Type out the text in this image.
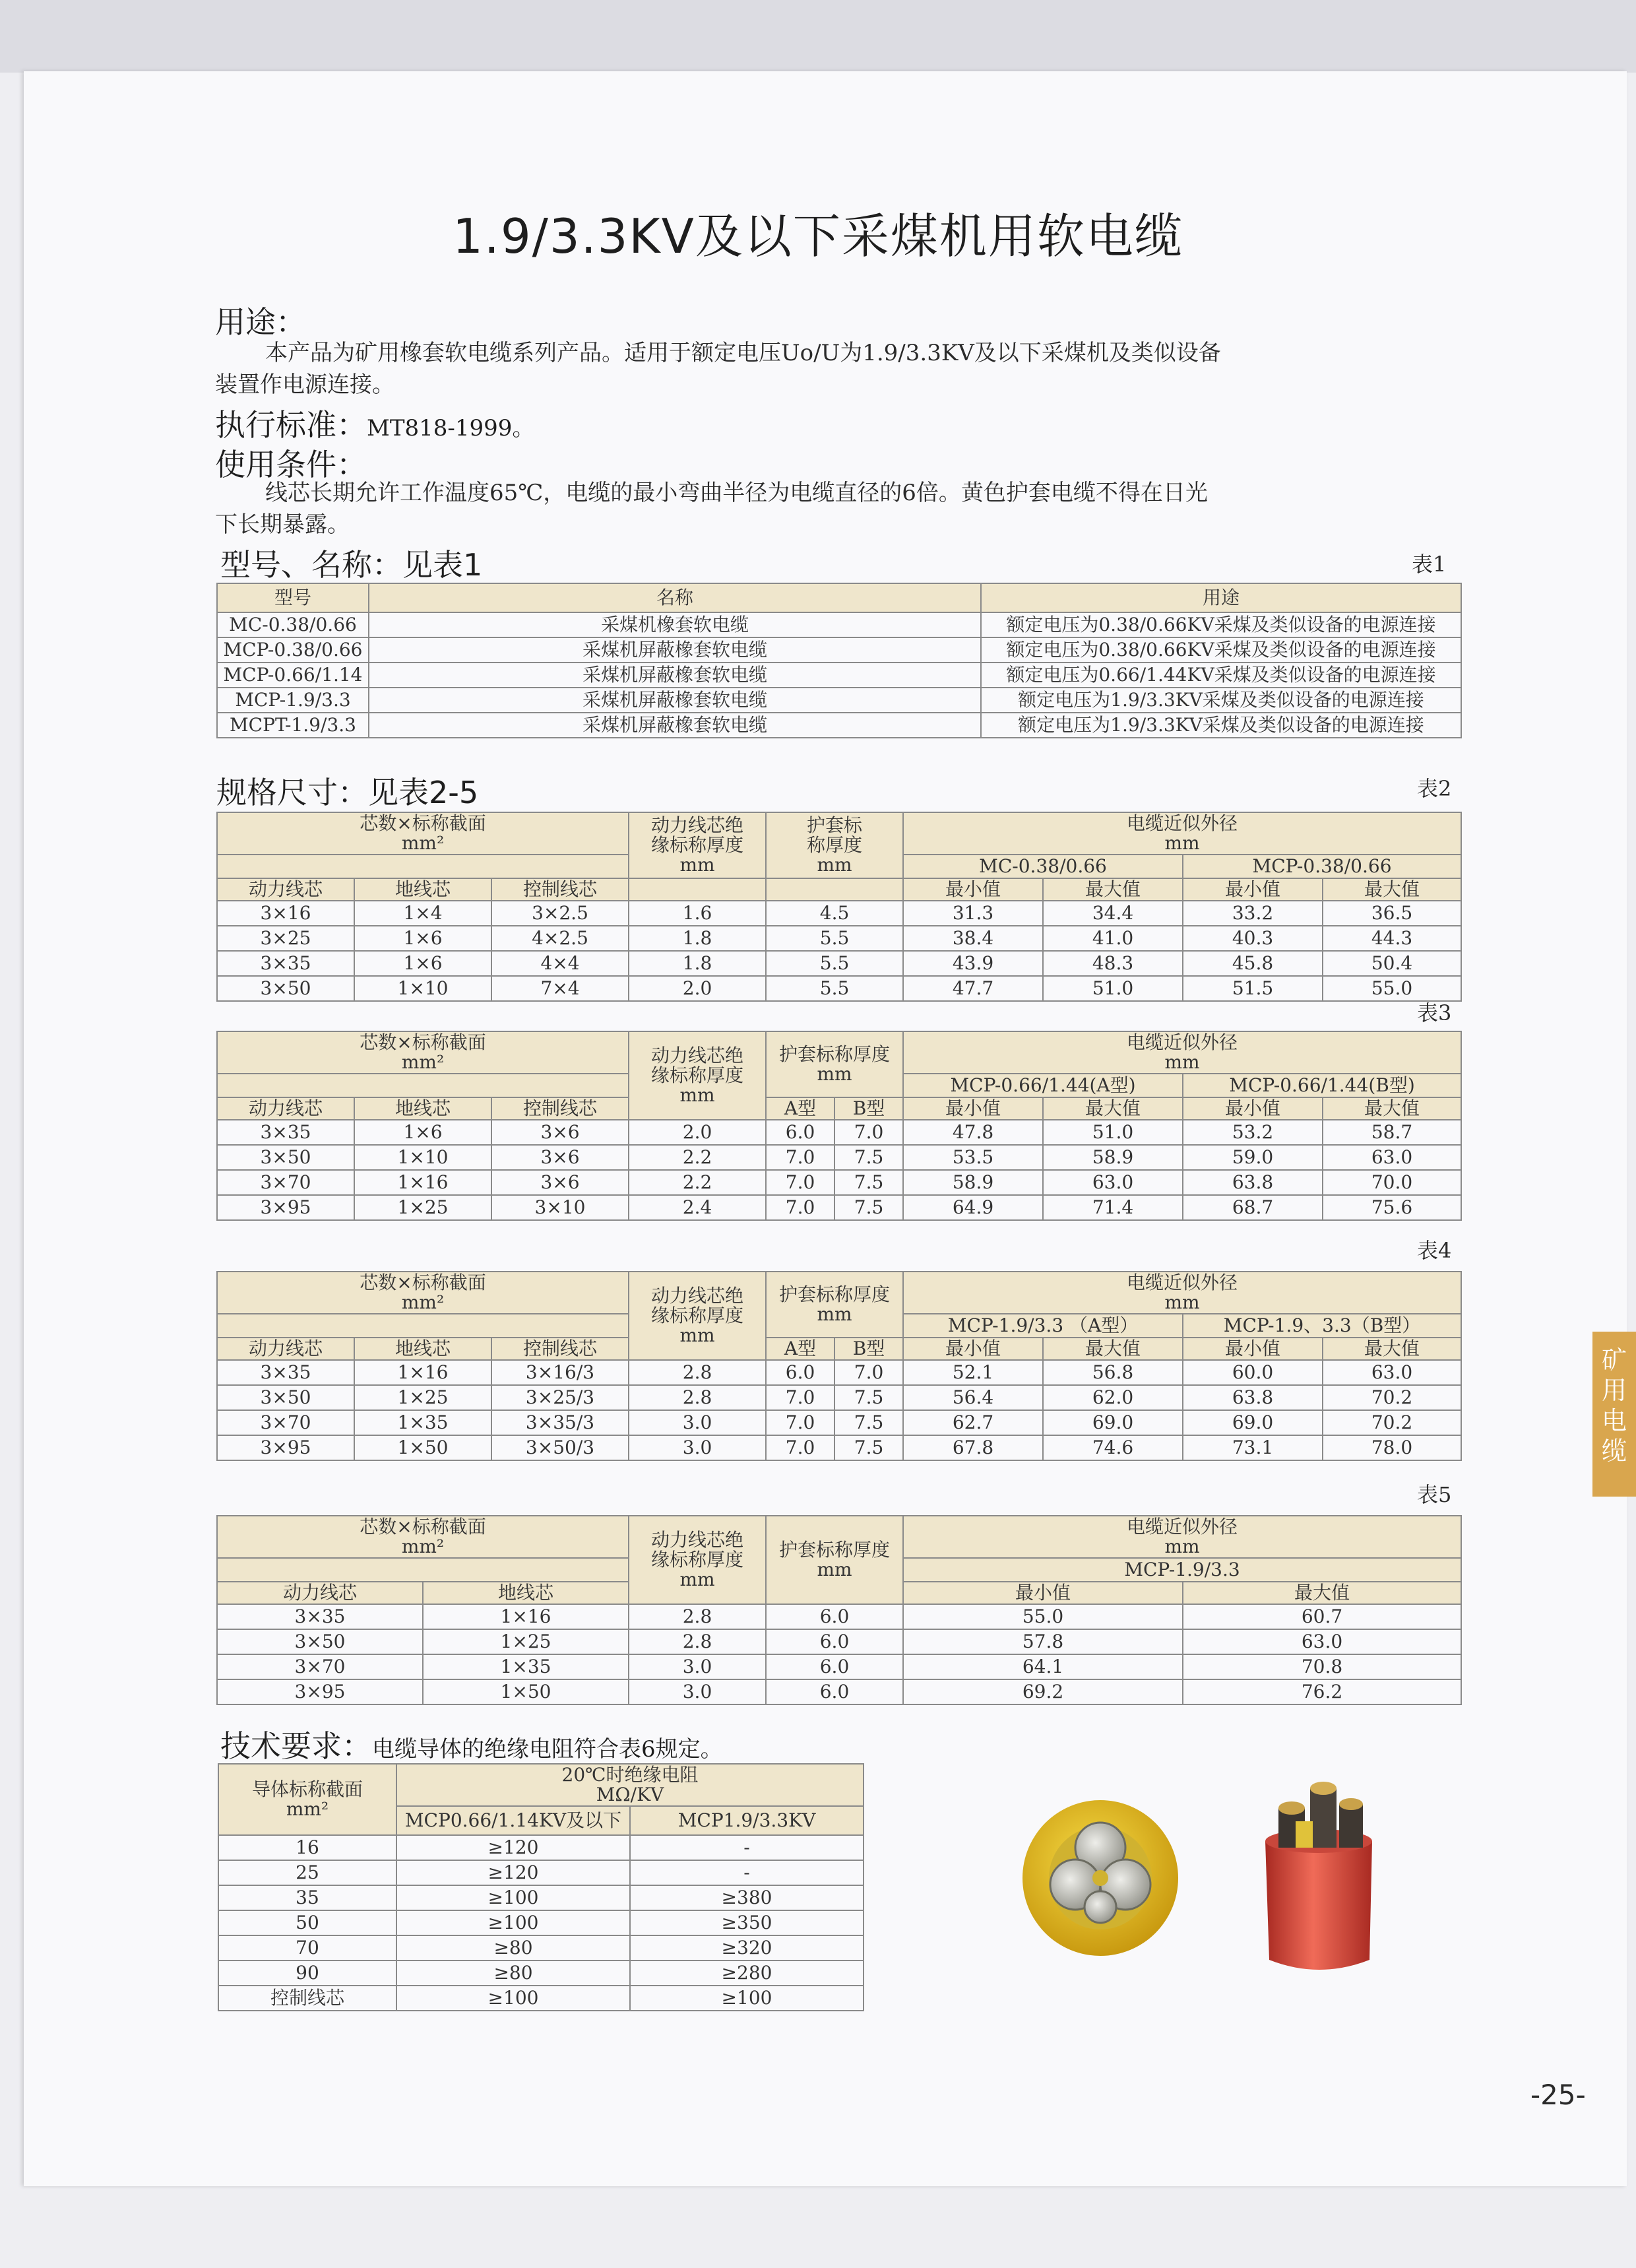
1.9/3.3KV及以下采煤机用软电缆
用途：
本产品为矿用橡套软电缆系列产品。适用于额定电压Uo/U为1.9/3.3KV及以下采煤机及类似设备
装置作电源连接。
执行标准：MT818-1999。
使用条件：
线芯长期允许工作温度65℃，电缆的最小弯曲半径为电缆直径的6倍。黄色护套电缆不得在日光
下长期暴露。
型号、名称：见表1	表1
型号	名称	用途
MC-0.38/0.66	采煤机橡套软电缆	额定电压为0.38/0.66KV采煤及类似设备的电源连接
MCP-0.38/0.66	采煤机屏蔽橡套软电缆	额定电压为0.38/0.66KV采煤及类似设备的电源连接
MCP-0.66/1.14	采煤机屏蔽橡套软电缆	额定电压为0.66/1.44KV采煤及类似设备的电源连接
MCP-1.9/3.3	采煤机屏蔽橡套软电缆	额定电压为1.9/3.3KV采煤及类似设备的电源连接
MCPT-1.9/3.3	采煤机屏蔽橡套软电缆	额定电压为1.9/3.3KV采煤及类似设备的电源连接
规格尺寸：见表2-5	表2
芯数×标称截面
mm²			动力线芯绝
缘标称厚度
mm	护套标
称厚度
mm	电缆近似外径
mm			

					MC-0.38/0.66		MCP-0.38/0.66	
动力线芯	地线芯	控制线芯			最小值	最大值	最小值	最大值
3×16	1×4	3×2.5	1.6	4.5	31.3	34.4	33.2	36.5
3×25	1×6	4×2.5	1.8	5.5	38.4	41.0	40.3	44.3
3×35	1×6	4×4	1.8	5.5	43.9	48.3	45.8	50.4
3×50	1×10	7×4	2.0	5.5	47.7	51.0	51.5	55.0
表3
芯数×标称截面
mm²			动力线芯绝
缘标称厚度
mm	护套标称厚度
mm		电缆近似外径
mm			

						MCP-0.66/1.44(A型)		MCP-0.66/1.44(B型)	
动力线芯	地线芯	控制线芯		A型	B型	最小值	最大值	最小值	最大值
3×35	1×6	3×6	2.0	6.0	7.0	47.8	51.0	53.2	58.7
3×50	1×10	3×6	2.2	7.0	7.5	53.5	58.9	59.0	63.0
3×70	1×16	3×6	2.2	7.0	7.5	58.9	63.0	63.8	70.0
3×95	1×25	3×10	2.4	7.0	7.5	64.9	71.4	68.7	75.6
表4
芯数×标称截面
mm²			动力线芯绝
缘标称厚度
mm	护套标称厚度
mm		电缆近似外径
mm			

						MCP-1.9/3.3 （A型）		MCP-1.9、3.3（B型）	
动力线芯	地线芯	控制线芯		A型	B型	最小值	最大值	最小值	最大值
3×35	1×16	3×16/3	2.8	6.0	7.0	52.1	56.8	60.0	63.0
3×50	1×25	3×25/3	2.8	7.0	7.5	56.4	62.0	63.8	70.2
3×70	1×35	3×35/3	3.0	7.0	7.5	62.7	69.0	69.0	70.2
3×95	1×50	3×50/3	3.0	7.0	7.5	67.8	74.6	73.1	78.0
表5
芯数×标称截面
mm²		动力线芯绝
缘标称厚度
mm	护套标称厚度
mm	电缆近似外径
mm	

				MCP-1.9/3.3	
动力线芯	地线芯			最小值	最大值
3×35	1×16	2.8	6.0	55.0	60.7
3×50	1×25	2.8	6.0	57.8	63.0
3×70	1×35	3.0	6.0	64.1	70.8
3×95	1×50	3.0	6.0	69.2	76.2
技术要求：电缆导体的绝缘电阻符合表6规定。
导体标称截面
mm²	20℃时绝缘电阻
MΩ/KV	

	MCP0.66/1.14KV及以下	MCP1.9/3.3KV
16	≥120	-
25	≥120	-
35	≥100	≥380
50	≥100	≥350
70	≥80	≥320
90	≥80	≥280
控制线芯	≥100	≥100
矿
用
电
缆
-25-
